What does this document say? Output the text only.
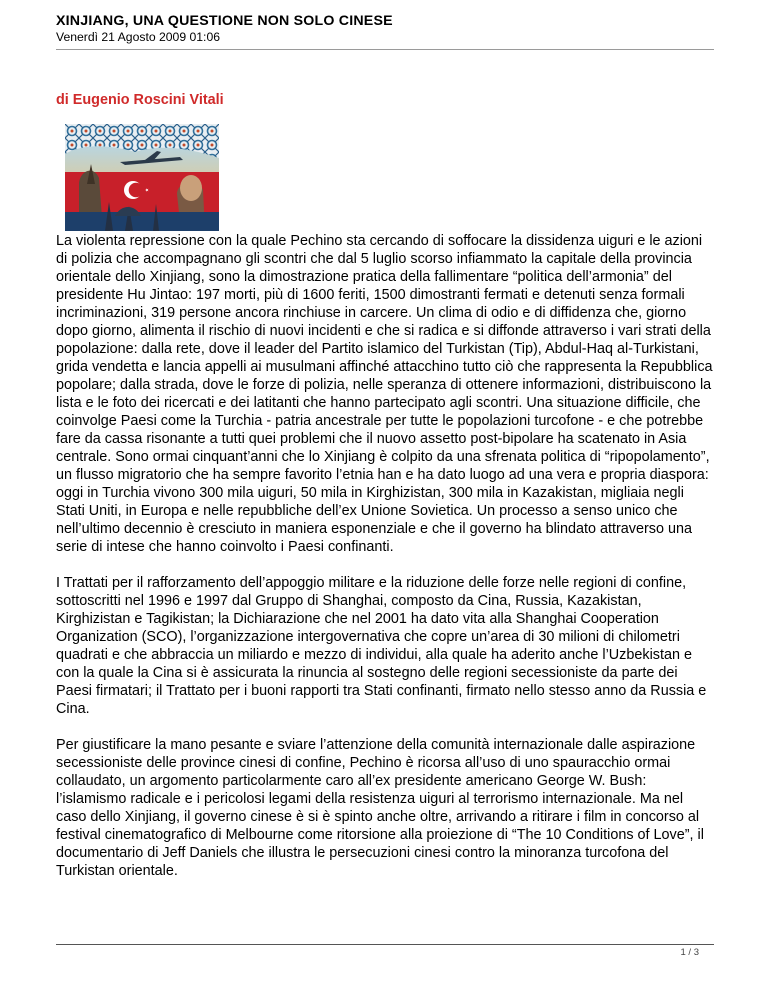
XINJIANG, UNA QUESTIONE NON SOLO CINESE
Venerdì 21 Agosto 2009 01:06
di Eugenio Roscini Vitali

La violenta repressione con la quale Pechino sta cercando di soffocare la dissidenza uiguri e le azioni di polizia che accompagnano gli scontri che dal 5 luglio scorso infiammato la capitale della provincia orientale dello Xinjiang, sono la dimostrazione pratica della fallimentare “politica dell’armonia” del presidente Hu Jintao: 197 morti, più di 1600 feriti, 1500 dimostranti fermati e detenuti senza formali incriminazioni, 319 persone ancora rinchiuse in carcere. Un clima di odio e di diffidenza che, giorno dopo giorno, alimenta il rischio di nuovi incidenti e che si radica e si diffonde attraverso i vari strati della popolazione: dalla rete, dove il leader del Partito islamico del Turkistan (Tip), Abdul-Haq al-Turkistani, grida vendetta e lancia appelli ai musulmani affinché attacchino tutto ciò che rappresenta la Repubblica popolare; dalla strada, dove le forze di polizia, nelle speranza di ottenere informazioni, distribuiscono la lista e le foto dei ricercati e dei latitanti che hanno partecipato agli scontri. Una situazione difficile, che coinvolge Paesi come la Turchia - patria ancestrale per tutte le popolazioni turcofone - e che potrebbe fare da cassa risonante a tutti quei problemi che il nuovo assetto post-bipolare ha scatenato in Asia centrale. Sono ormai cinquant’anni che lo Xinjiang è colpito da una sfrenata politica di “ripopolamento”, un flusso migratorio che ha sempre favorito l’etnia han e ha dato luogo ad una vera e propria diaspora: oggi in Turchia vivono 300 mila uiguri, 50 mila in Kirghizistan, 300 mila in Kazakistan, migliaia negli Stati Uniti, in Europa e nelle repubbliche dell’ex Unione Sovietica. Un processo a senso unico che nell’ultimo decennio è cresciuto in maniera esponenziale e che il governo ha blindato attraverso una serie di intese che hanno coinvolto i Paesi confinanti.

I Trattati per il rafforzamento dell’appoggio militare e la riduzione delle forze nelle regioni di confine, sottoscritti nel 1996 e 1997 dal Gruppo di Shanghai, composto da Cina, Russia, Kazakistan, Kirghizistan e Tagikistan; la Dichiarazione che nel 2001 ha dato vita alla Shanghai Cooperation Organization (SCO), l’organizzazione intergovernativa che copre un’area di 30 milioni di chilometri quadrati e che abbraccia un miliardo e mezzo di individui, alla quale ha aderito anche l’Uzbekistan e con la quale la Cina si è assicurata la rinuncia al sostegno delle regioni secessioniste da parte dei Paesi firmatari; il Trattato per i buoni rapporti tra Stati confinanti, firmato nello stesso anno da Russia e Cina.

Per giustificare la mano pesante e sviare l’attenzione della comunità internazionale dalle aspirazione secessioniste delle province cinesi di confine, Pechino è ricorsa all’uso di uno spauracchio ormai collaudato, un argomento particolarmente caro all’ex presidente americano George W. Bush: l’islamismo radicale e i pericolosi legami della resistenza uiguri al terrorismo internazionale. Ma nel caso dello Xinjiang, il governo cinese è si è spinto anche oltre, arrivando a ritirare i film in concorso al festival cinematografico di Melbourne come ritorsione alla proiezione di “The 10 Conditions of Love”, il documentario di Jeff Daniels che illustra le persecuzioni cinesi contro la minoranza turcofona del Turkistan orientale.

1 / 3
